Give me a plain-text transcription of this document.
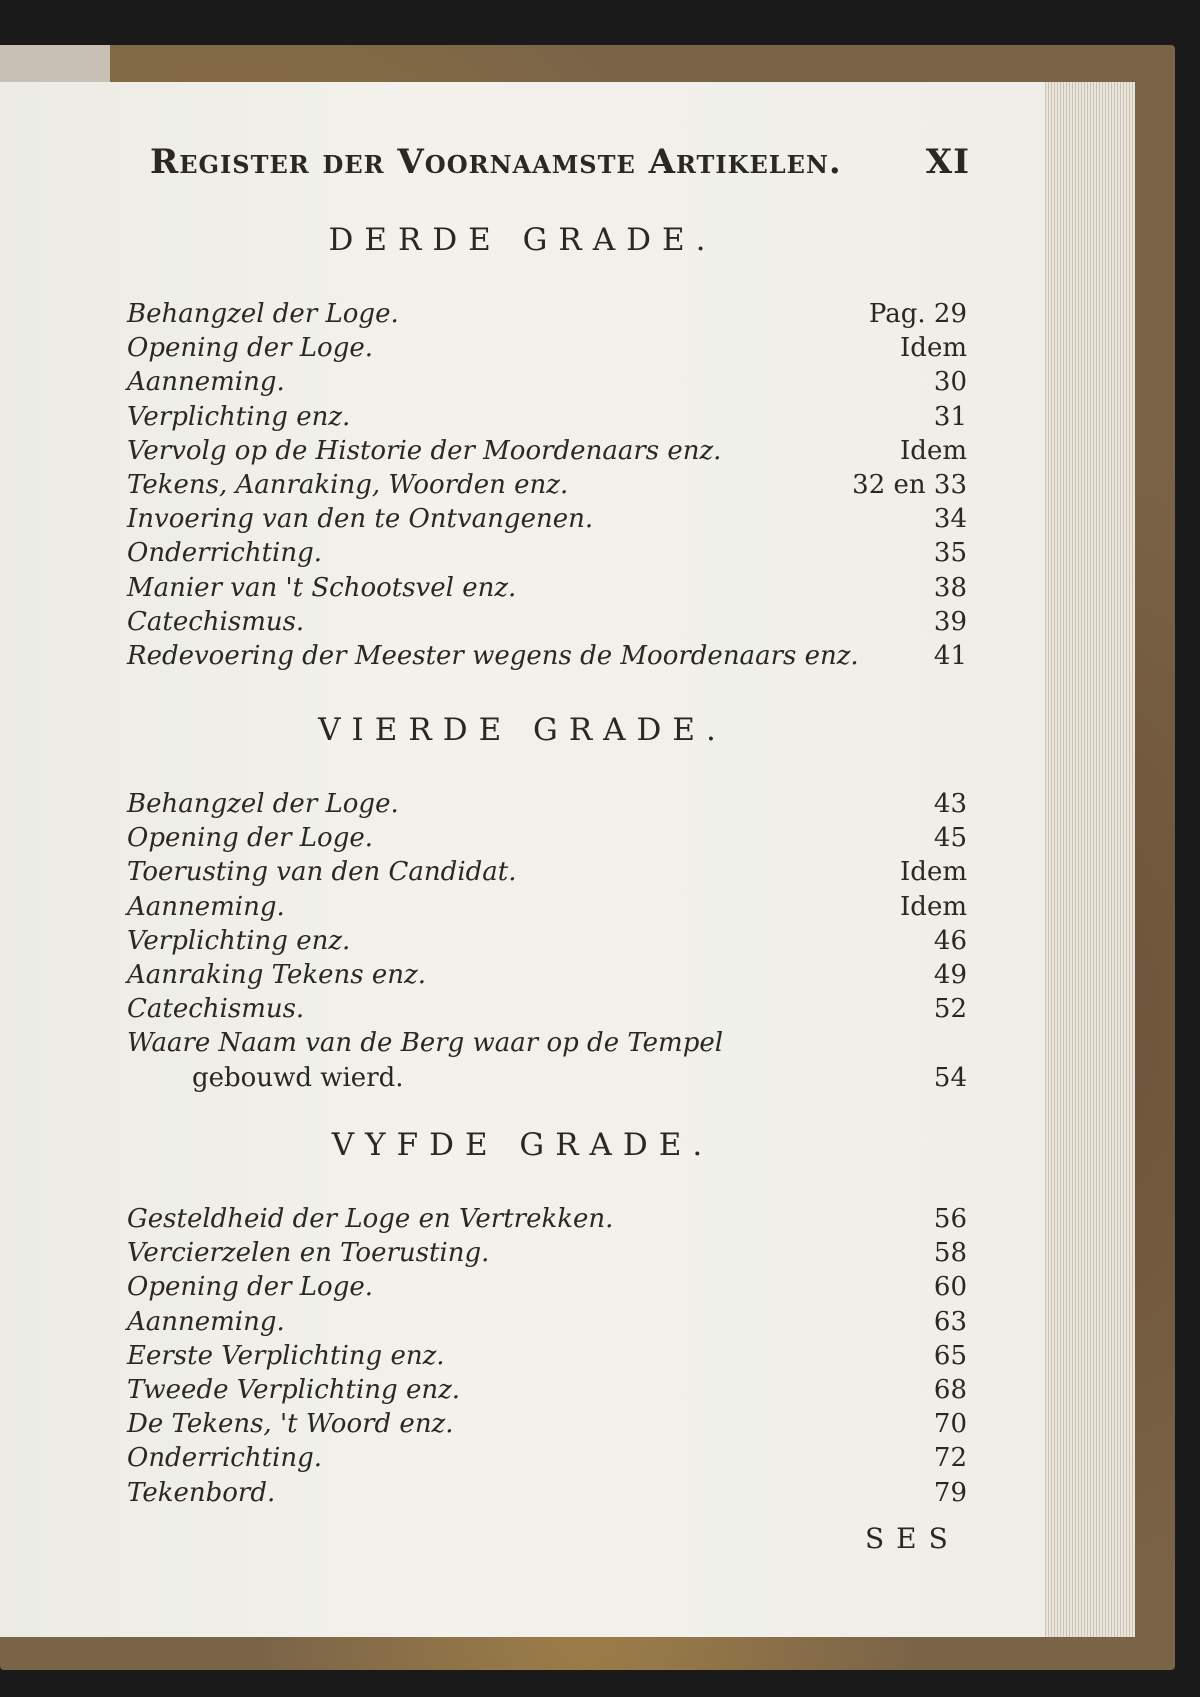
Register der Voornaamste Artikelen. XI
DERDE GRADE.
Behangzel der Loge.	Pag. 29
Opening der Loge.	Idem
Aanneming.	30
Verplichting enz.	31
Vervolg op de Historie der Moordenaars enz.	Idem
Tekens, Aanraking, Woorden enz.	32 en 33
Invoering van den te Ontvangenen.	34
Onderrichting.	35
Manier van 't Schootsvel enz.	38
Catechismus.	39
Redevoering der Meester wegens de Moordenaars enz.	41
VIERDE GRADE.
Behangzel der Loge.	43
Opening der Loge.	45
Toerusting van den Candidat.	Idem
Aanneming.	Idem
Verplichting enz.	46
Aanraking Tekens enz.	49
Catechismus.	52
Waare Naam van de Berg waar op de Tempel
gebouwd wierd.	54
VYFDE GRADE.
Gesteldheid der Loge en Vertrekken.	56
Vercierzelen en Toerusting.	58
Opening der Loge.	60
Aanneming.	63
Eerste Verplichting enz.	65
Tweede Verplichting enz.	68
De Tekens, 't Woord enz.	70
Onderrichting.	72
Tekenbord.	79
SES
